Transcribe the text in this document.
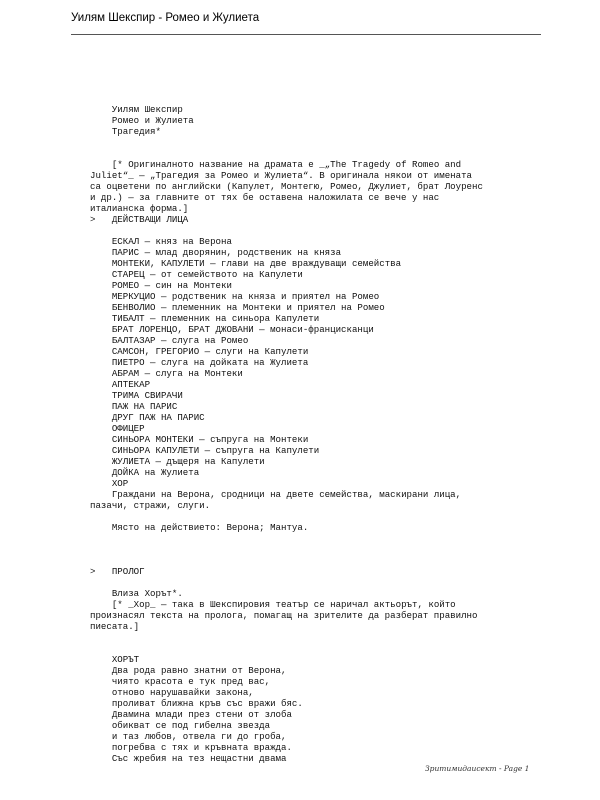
Уилям Шекспир - Ромео и Жулиета
Уилям Шекспир
Ромео и Жулиета
Трагедия*
[* Оригиналното название на драмата е _„The Tragedy of Romeo and
Juliet“_ — „Трагедия за Ромео и Жулиета“. В оригинала някои от имената
са оцветени по английски (Капулет, Монтегю, Ромео, Джулиет, брат Лоуренс
и др.) — за главните от тях бе оставена наложилата се вече у нас
италианска форма.]
>   ДЕЙСТВАЩИ ЛИЦА
ЕСКАЛ — княз на Верона
ПАРИС — млад дворянин, родственик на княза
МОНТЕКИ, КАПУЛЕТИ — глави на две враждуващи семейства
СТАРЕЦ — от семейството на Капулети
РОМЕО — син на Монтеки
МЕРКУЦИО — родственик на княза и приятел на Ромео
БЕНВОЛИО — племенник на Монтеки и приятел на Ромео
ТИБАЛТ — племенник на синьора Капулети
БРАТ ЛОРЕНЦО, БРАТ ДЖОВАНИ — монаси-францисканци
БАЛТАЗАР — слуга на Ромео
САМСОН, ГРЕГОРИО — слуги на Капулети
ПИЕТРО — слуга на дойката на Жулиета
АБРАМ — слуга на Монтеки
АПТЕКАР
ТРИМА СВИРАЧИ
ПАЖ НА ПАРИС
ДРУГ ПАЖ НА ПАРИС
ОФИЦЕР
СИНЬОРА МОНТЕКИ — съпруга на Монтеки
СИНЬОРА КАПУЛЕТИ — съпруга на Капулети
ЖУЛИЕТА — дъщеря на Капулети
ДОЙКА на Жулиета
ХОР
Граждани на Верона, сродници на двете семейства, маскирани лица,
пазачи, стражи, слуги.
Място на действието: Верона; Мантуа.
>   ПРОЛОГ
Влиза Хорът*.
[* _Хор_ — така в Шекспировия театър се наричал актьорът, който
произнасял текста на пролога, помагащ на зрителите да разберат правилно
пиесата.]
ХОРЪТ
Два рода равно знатни от Верона,
чиято красота е тук пред вас,
отново нарушавайки закона,
проливат ближна кръв със вражи бяс.
Двамина млади през стени от злоба
обикват се под гибелна звезда
и таз любов, отвела ги до гроба,
погребва с тях и кръвната вражда.
Със жребия на тез нещастни двама
Зритимидаисект - Page 1
